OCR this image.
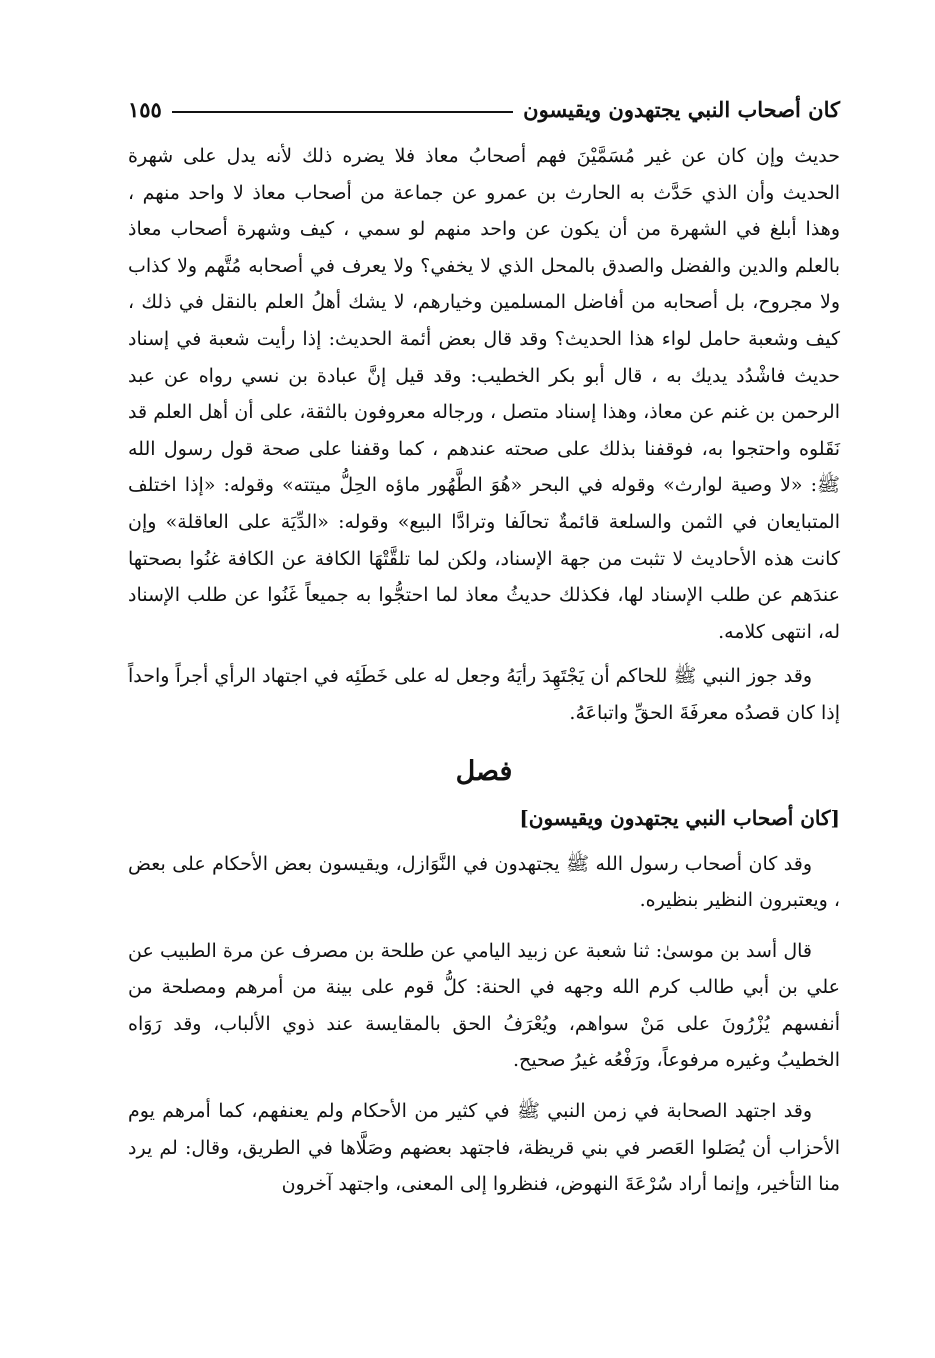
كان أصحاب النبي يجتهدون ويقيسون
١٥٥

حديث وإن كان عن غير مُسَمَّيْنَ فهم أصحابُ معاذ فلا يضره ذلك لأنه يدل على شهرة الحديث وأن الذي حَدَّث به الحارث بن عمرو عن جماعة من أصحاب معاذ لا واحد منهم ، وهذا أبلغ في الشهرة من أن يكون عن واحد منهم لو سمي ، كيف وشهرة أصحاب معاذ بالعلم والدين والفضل والصدق بالمحل الذي لا يخفي؟ ولا يعرف في أصحابه مُتَّهم ولا كذاب ولا مجروح، بل أصحابه من أفاضل المسلمين وخيارهم، لا يشك أهلُ العلم بالنقل في ذلك ، كيف وشعبة حامل لواء هذا الحديث؟ وقد قال بعض أئمة الحديث: إذا رأيت شعبة في إسناد حديث فاشْدُد يديك به ، قال أبو بكر الخطيب: وقد قيل إنَّ عبادة بن نسي رواه عن عبد الرحمن بن غنم عن معاذ، وهذا إسناد متصل ، ورجاله معروفون بالثقة، على أن أهل العلم قد نَقَلوه واحتجوا به، فوقفنا بذلك على صحته عندهم ، كما وقفنا على صحة قول رسول الله ﷺ: «لا وصية لوارث» وقوله في البحر «هُوَ الطَّهُور ماؤه الحِلُّ ميتته» وقوله: «إذا اختلف المتبايعان في الثمن والسلعة قائمةٌ تحالَفا وترادَّا البيع» وقوله: «الدِّيَة على العاقلة» وإن كانت هذه الأحاديث لا تثبت من جهة الإسناد، ولكن لما تلقَّتْهَا الكافة عن الكافة غنُوا بصحتها عندَهم عن طلب الإسناد لها، فكذلك حديثُ معاذ لما احتجُّوا به جميعاً غَنُوا عن طلب الإسناد له، انتهى كلامه.

وقد جوز النبي ﷺ للحاكم أن يَجْتَهِدَ رأيَهُ وجعل له على خَطَئِه في اجتهاد الرأي أجراً واحداً إذا كان قصدُه معرفَةَ الحقِّ واتباعَهُ.

فصل
[كان أصحاب النبي يجتهدون ويقيسون]

وقد كان أصحاب رسول الله ﷺ يجتهدون في النَّوَازل، ويقيسون بعض الأحكام على بعض ، ويعتبرون النظير بنظيره.

قال أسد بن موسىٰ: ثنا شعبة عن زبيد اليامي عن طلحة بن مصرف عن مرة الطبيب عن علي بن أبي طالب كرم الله وجهه في الحنة: كلُّ قوم على بينة من أمرهم ومصلحة من أنفسهم يُزْرُونَ على مَنْ سواهم، ويُعْرَفُ الحق بالمقايسة عند ذوي الألباب، وقد رَوَاه الخطيبُ وغيره مرفوعاً، ورَفْعُه غيرُ صحيح.

وقد اجتهد الصحابة في زمن النبي ﷺ في كثير من الأحكام ولم يعنفهم، كما أمرهم يوم الأحزاب أن يُصَلوا العَصر في بني قريظة، فاجتهد بعضهم وصَلَّاها في الطريق، وقال: لم يرد منا التأخير، وإنما أراد سُرْعَةَ النهوض، فنظروا إلى المعنى، واجتهد آخرون
